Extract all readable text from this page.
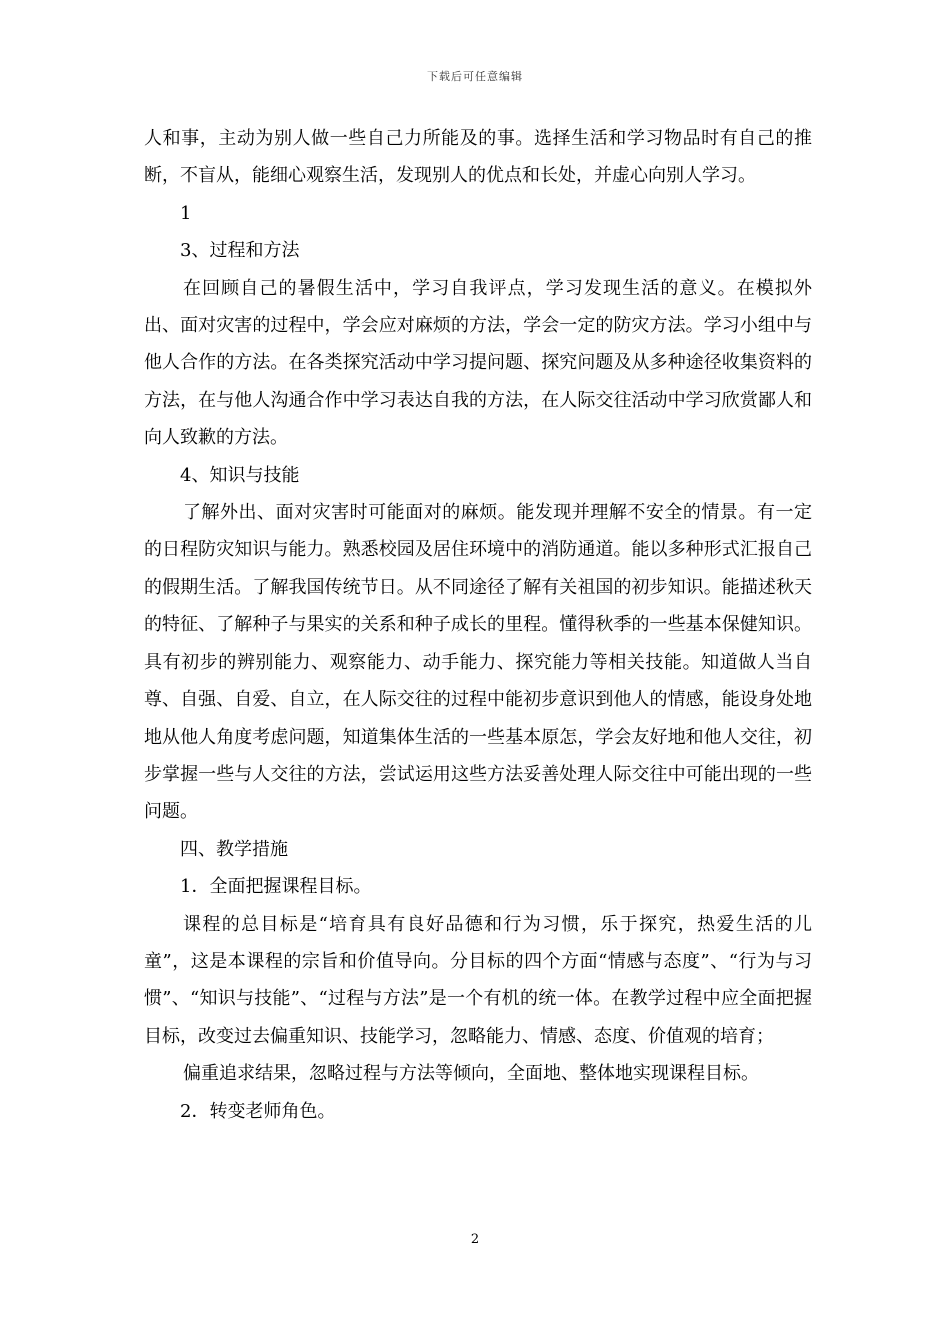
下载后可任意编辑

人和事，主动为别人做一些自己力所能及的事。选择生活和学习物品时有自己的推断，不盲从，能细心观察生活，发现别人的优点和长处，并虚心向别人学习。

1

3、过程和方法

在回顾自己的暑假生活中，学习自我评点，学习发现生活的意义。在模拟外出、面对灾害的过程中，学会应对麻烦的方法，学会一定的防灾方法。学习小组中与他人合作的方法。在各类探究活动中学习提问题、探究问题及从多种途径收集资料的方法，在与他人沟通合作中学习表达自我的方法，在人际交往活动中学习欣赏鄙人和向人致歉的方法。

4、知识与技能

了解外出、面对灾害时可能面对的麻烦。能发现并理解不安全的情景。有一定的日程防灾知识与能力。熟悉校园及居住环境中的消防通道。能以多种形式汇报自己的假期生活。了解我国传统节日。从不同途径了解有关祖国的初步知识。能描述秋天的特征、了解种子与果实的关系和种子成长的里程。懂得秋季的一些基本保健知识。具有初步的辨别能力、观察能力、动手能力、探究能力等相关技能。知道做人当自尊、自强、自爱、自立，在人际交往的过程中能初步意识到他人的情感，能设身处地地从他人角度考虑问题，知道集体生活的一些基本原怎，学会友好地和他人交往，初步掌握一些与人交往的方法，尝试运用这些方法妥善处理人际交往中可能出现的一些问题。

四、教学措施

1．全面把握课程目标。

课程的总目标是“培育具有良好品德和行为习惯，乐于探究，热爱生活的儿童”，这是本课程的宗旨和价值导向。分目标的四个方面“情感与态度”、“行为与习惯”、“知识与技能”、“过程与方法”是一个有机的统一体。在教学过程中应全面把握目标，改变过去偏重知识、技能学习，忽略能力、情感、态度、价值观的培育；

偏重追求结果，忽略过程与方法等倾向，全面地、整体地实现课程目标。

2．转变老师角色。

2
